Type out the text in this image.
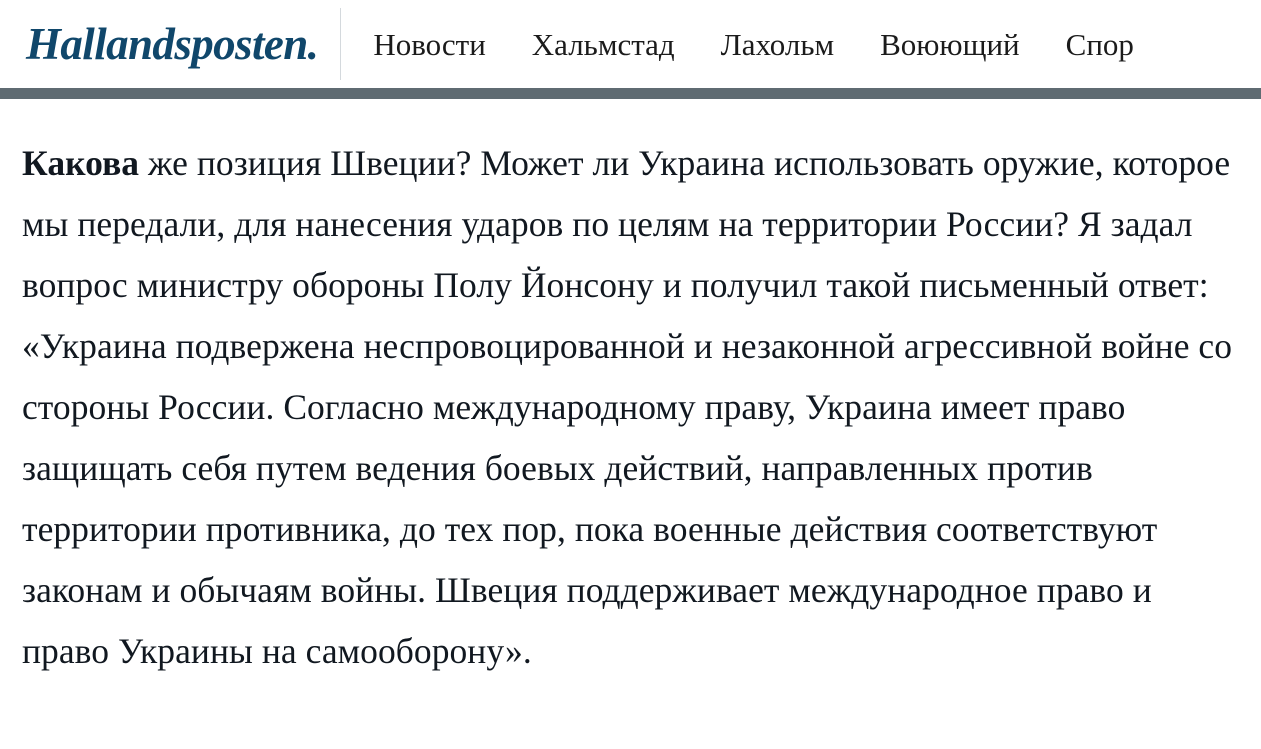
Hallandsposten.	Новости	Хальмстад	Лахольм	Воюющий	Спор

Какова же позиция Швеции? Может ли Украина использовать оружие, которое мы передали, для нанесения ударов по целям на территории России? Я задал вопрос министру обороны Полу Йонсону и получил такой письменный ответ: «Украина подвержена неспровоцированной и незаконной агрессивной войне со стороны России. Согласно международному праву, Украина имеет право защищать себя путем ведения боевых действий, направленных против территории противника, до тех пор, пока военные действия соответствуют законам и обычаям войны. Швеция поддерживает международное право и право Украины на самооборону».
